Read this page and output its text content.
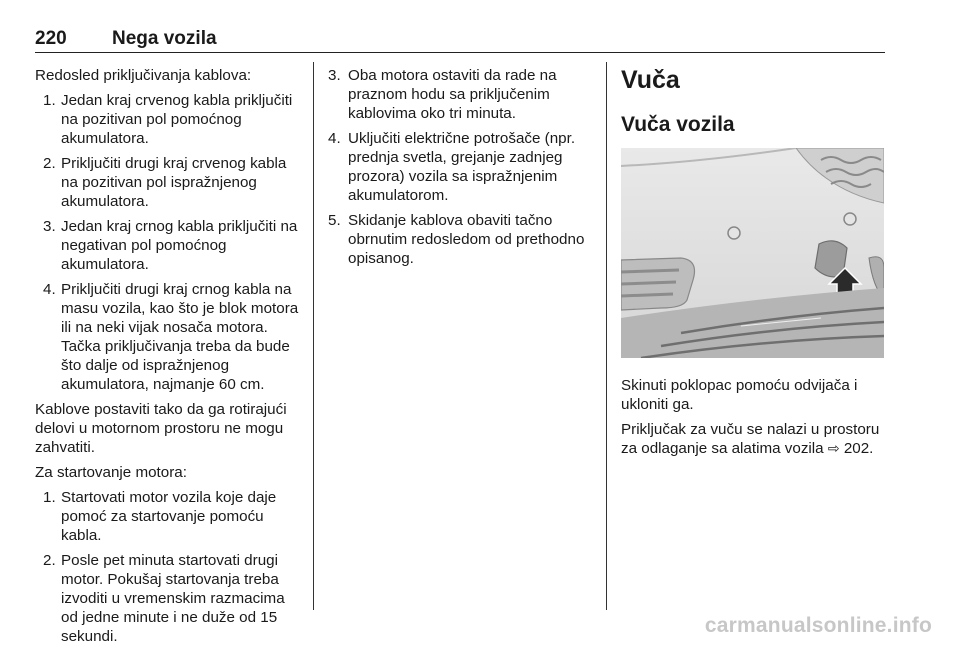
220 Nega vozila

Redosled priključivanja kablova:

1. Jedan kraj crvenog kabla priključiti na pozitivan pol pomoćnog akumulatora.
2. Priključiti drugi kraj crvenog kabla na pozitivan pol ispražnjenog akumulatora.
3. Jedan kraj crnog kabla priključiti na negativan pol pomoćnog akumulatora.
4. Priključiti drugi kraj crnog kabla na masu vozila, kao što je blok motora ili na neki vijak nosača motora. Tačka priključivanja treba da bude što dalje od ispražnjenog akumulatora, najmanje 60 cm.

Kablove postaviti tako da ga rotirajući delovi u motornom prostoru ne mogu zahvatiti.

Za startovanje motora:

1. Startovati motor vozila koje daje pomoć za startovanje pomoću kabla.
2. Posle pet minuta startovati drugi motor. Pokušaj startovanja treba izvoditi u vremenskim razmacima od jedne minute i ne duže od 15 sekundi.
3. Oba motora ostaviti da rade na praznom hodu sa priključenim kablovima oko tri minuta.
4. Uključiti električne potrošače (npr. prednja svetla, grejanje zadnjeg prozora) vozila sa ispražnjenim akumulatorom.
5. Skidanje kablova obaviti tačno obrnutim redosledom od prethodno opisanog.
Vuča
Vuča vozila

Skinuti poklopac pomoću odvijača i ukloniti ga.

Priključak za vuču se nalazi u prostoru za odlaganje sa alatima vozila ⇨ 202.

carmanualsonline.info
